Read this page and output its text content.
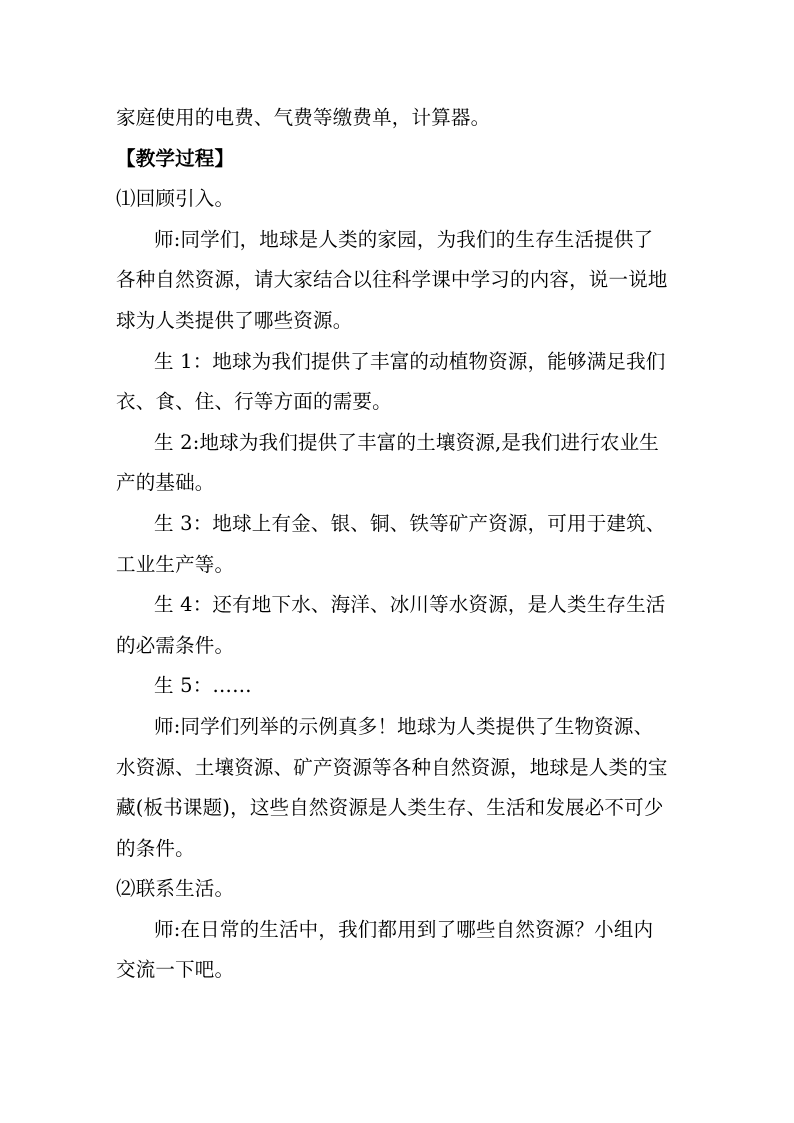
家庭使用的电费、气费等缴费单，计算器。
【教学过程】
⑴回顾引入。
师:同学们，地球是人类的家园，为我们的生存生活提供了
各种自然资源，请大家结合以往科学课中学习的内容，说一说地
球为人类提供了哪些资源。
生 1：地球为我们提供了丰富的动植物资源，能够满足我们
衣、食、住、行等方面的需要。
生 2:地球为我们提供了丰富的土壤资源,是我们进行农业生
产的基础。
生 3：地球上有金、银、铜、铁等矿产资源，可用于建筑、
工业生产等。
生 4：还有地下水、海洋、冰川等水资源，是人类生存生活
的必需条件。
生 5：……
师:同学们列举的示例真多！地球为人类提供了生物资源、
水资源、土壤资源、矿产资源等各种自然资源，地球是人类的宝
藏(板书课题)，这些自然资源是人类生存、生活和发展必不可少
的条件。
⑵联系生活。
师:在日常的生活中，我们都用到了哪些自然资源？小组内
交流一下吧。
